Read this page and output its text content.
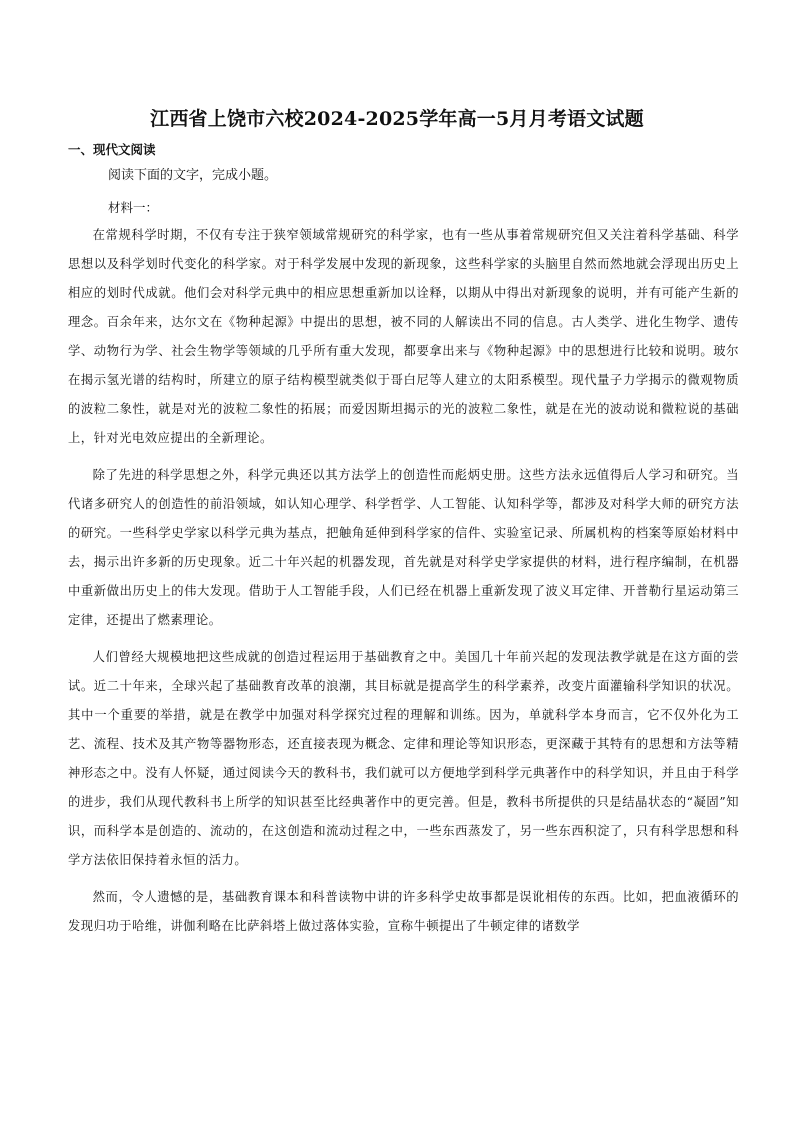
江西省上饶市六校2024-2025学年高一5月月考语文试题
一、现代文阅读
阅读下面的文字，完成小题。
材料一：

在常规科学时期，不仅有专注于狭窄领域常规研究的科学家，也有一些从事着常规研究但又关注着科学基础、科学思想以及科学划时代变化的科学家。对于科学发展中发现的新现象，这些科学家的头脑里自然而然地就会浮现出历史上相应的划时代成就。他们会对科学元典中的相应思想重新加以诠释，以期从中得出对新现象的说明，并有可能产生新的理念。百余年来，达尔文在《物种起源》中提出的思想，被不同的人解读出不同的信息。古人类学、进化生物学、遗传学、动物行为学、社会生物学等领域的几乎所有重大发现，都要拿出来与《物种起源》中的思想进行比较和说明。玻尔在揭示氢光谱的结构时，所建立的原子结构模型就类似于哥白尼等人建立的太阳系模型。现代量子力学揭示的微观物质的波粒二象性，就是对光的波粒二象性的拓展；而爱因斯坦揭示的光的波粒二象性，就是在光的波动说和微粒说的基础上，针对光电效应提出的全新理论。

除了先进的科学思想之外，科学元典还以其方法学上的创造性而彪炳史册。这些方法永远值得后人学习和研究。当代诸多研究人的创造性的前沿领域，如认知心理学、科学哲学、人工智能、认知科学等，都涉及对科学大师的研究方法的研究。一些科学史学家以科学元典为基点，把触角延伸到科学家的信件、实验室记录、所属机构的档案等原始材料中去，揭示出许多新的历史现象。近二十年兴起的机器发现，首先就是对科学史学家提供的材料，进行程序编制，在机器中重新做出历史上的伟大发现。借助于人工智能手段，人们已经在机器上重新发现了波义耳定律、开普勒行星运动第三定律，还提出了燃素理论。

人们曾经大规模地把这些成就的创造过程运用于基础教育之中。美国几十年前兴起的发现法教学就是在这方面的尝试。近二十年来，全球兴起了基础教育改革的浪潮，其目标就是提高学生的科学素养，改变片面灌输科学知识的状况。其中一个重要的举措，就是在教学中加强对科学探究过程的理解和训练。因为，单就科学本身而言，它不仅外化为工艺、流程、技术及其产物等器物形态，还直接表现为概念、定律和理论等知识形态，更深藏于其特有的思想和方法等精神形态之中。没有人怀疑，通过阅读今天的教科书，我们就可以方便地学到科学元典著作中的科学知识，并且由于科学的进步，我们从现代教科书上所学的知识甚至比经典著作中的更完善。但是，教科书所提供的只是结晶状态的“凝固”知识，而科学本是创造的、流动的，在这创造和流动过程之中，一些东西蒸发了，另一些东西积淀了，只有科学思想和科学方法依旧保持着永恒的活力。

然而，令人遗憾的是，基础教育课本和科普读物中讲的许多科学史故事都是误讹相传的东西。比如，把血液循环的发现归功于哈维，讲伽利略在比萨斜塔上做过落体实验，宣称牛顿提出了牛顿定律的诸数学
